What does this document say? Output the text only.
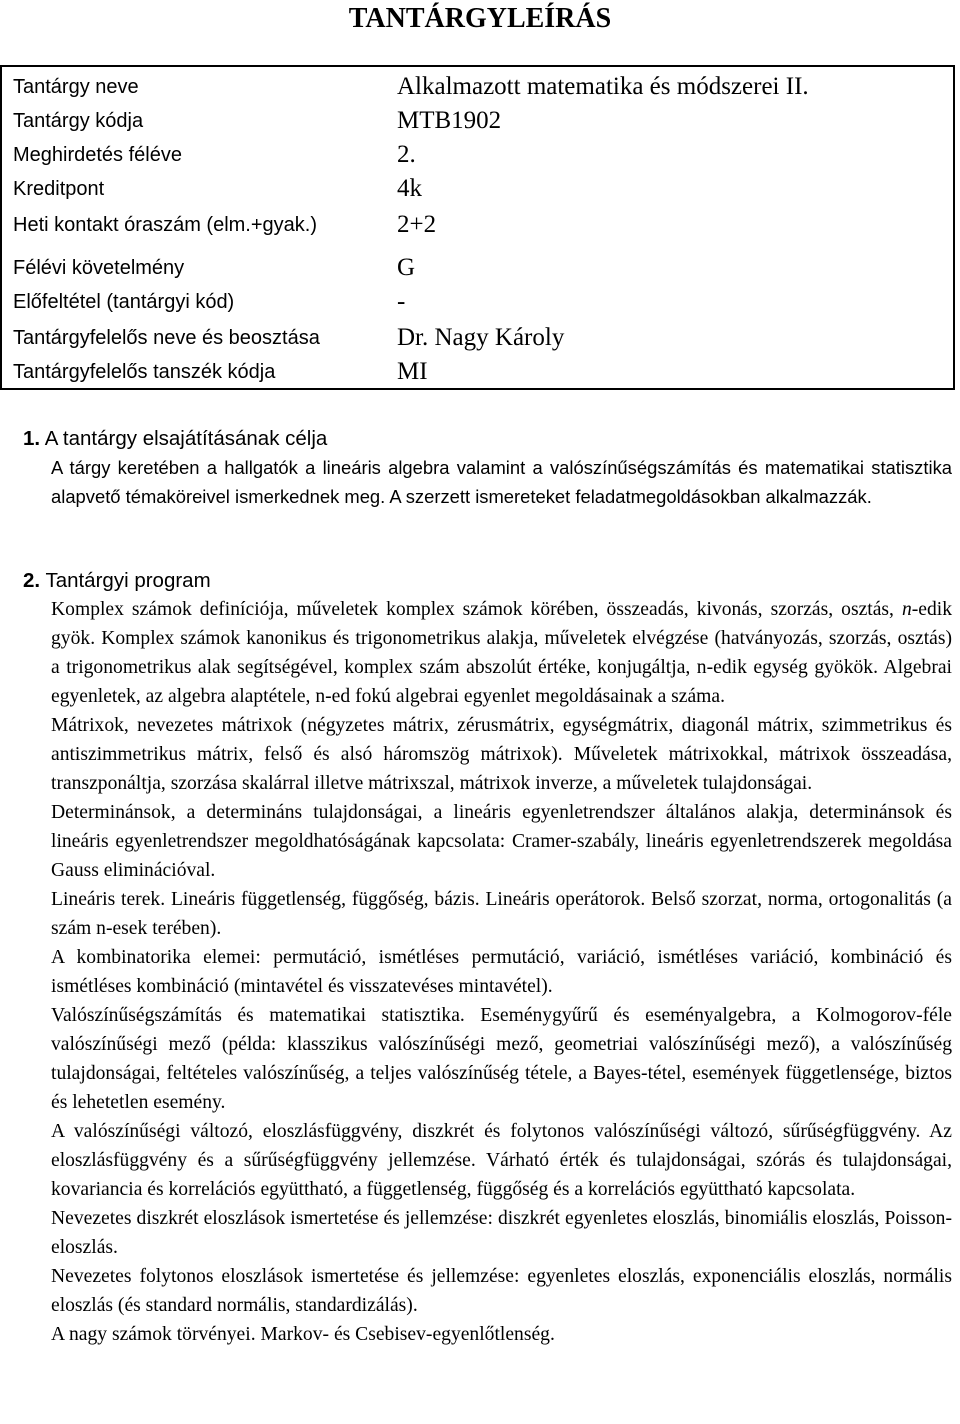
TANTÁRGYLEÍRÁS
Tantárgy neve	Alkalmazott matematika és módszerei II.
Tantárgy kódja	MTB1902
Meghirdetés féléve	2.
Kreditpont	4k
Heti kontakt óraszám (elm.+gyak.)	2+2
Félévi követelmény	G
Előfeltétel (tantárgyi kód)	-
Tantárgyfelelős neve és beosztása	Dr. Nagy Károly
Tantárgyfelelős tanszék kódja	MI
1. A tantárgy elsajátításának célja

A tárgy keretében a hallgatók a lineáris algebra valamint a valószínűségszámítás és matematikai statisztika alapvető témaköreivel ismerkednek meg. A szerzett ismereteket feladatmegoldásokban alkalmazzák.

2. Tantárgyi program

Komplex számok definíciója, műveletek komplex számok körében, összeadás, kivonás, szorzás, osztás, n-edik gyök. Komplex számok kanonikus és trigonometrikus alakja, műveletek elvégzése (hatványozás, szorzás, osztás) a trigonometrikus alak segítségével, komplex szám abszolút értéke, konjugáltja, n-edik egység gyökök. Algebrai egyenletek, az algebra alaptétele, n-ed fokú algebrai egyenlet megoldásainak a száma.

Mátrixok, nevezetes mátrixok (négyzetes mátrix, zérusmátrix, egységmátrix, diagonál mátrix, szimmetrikus és antiszimmetrikus mátrix, felső és alsó háromszög mátrixok). Műveletek mátrixokkal, mátrixok összeadása, transzponáltja, szorzása skalárral illetve mátrixszal, mátrixok inverze, a műveletek tulajdonságai.

Determinánsok, a determináns tulajdonságai, a lineáris egyenletrendszer általános alakja, determinánsok és lineáris egyenletrendszer megoldhatóságának kapcsolata: Cramer-szabály, lineáris egyenletrendszerek megoldása Gauss eliminációval.

Lineáris terek. Lineáris függetlenség, függőség, bázis. Lineáris operátorok. Belső szorzat, norma, ortogonalitás (a szám n-esek terében).

A kombinatorika elemei: permutáció, ismétléses permutáció, variáció, ismétléses variáció, kombináció és ismétléses kombináció (mintavétel és visszatevéses mintavétel).

Valószínűségszámítás és matematikai statisztika. Eseménygyűrű és eseményalgebra, a Kolmogorov-féle valószínűségi mező (példa: klasszikus valószínűségi mező, geometriai valószínűségi mező), a valószínűség tulajdonságai, feltételes valószínűség, a teljes valószínűség tétele, a Bayes-tétel, események függetlensége, biztos és lehetetlen esemény.

A valószínűségi változó, eloszlásfüggvény, diszkrét és folytonos valószínűségi változó, sűrűségfüggvény. Az eloszlásfüggvény és a sűrűségfüggvény jellemzése. Várható érték és tulajdonságai, szórás és tulajdonságai, kovariancia és korrelációs együttható, a függetlenség, függőség és a korrelációs együttható kapcsolata.

Nevezetes diszkrét eloszlások ismertetése és jellemzése: diszkrét egyenletes eloszlás, binomiális eloszlás, Poisson-eloszlás.

Nevezetes folytonos eloszlások ismertetése és jellemzése: egyenletes eloszlás, exponenciális eloszlás, normális eloszlás (és standard normális, standardizálás).

A nagy számok törvényei. Markov- és Csebisev-egyenlőtlenség.
